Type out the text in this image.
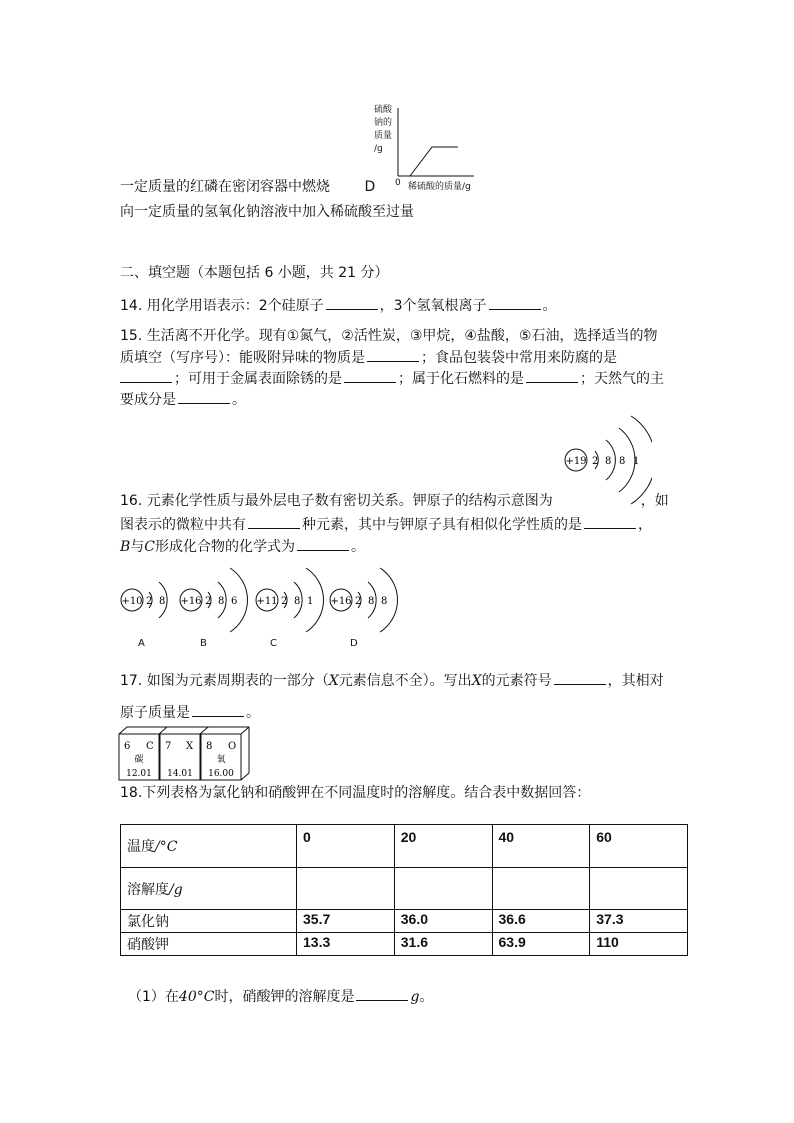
硫酸
钠的
质量
/g
0 稀硫酸的质量/g
一定质量的红磷在密闭容器中燃烧 D
向一定质量的氢氧化钠溶液中加入稀硫酸至过量
二、填空题（本题包括 6 小题，共 21 分）
14. 用化学用语表示：2个硅原子	，3个氢氧根离子	。
15. 生活离不开化学。现有①氮气，②活性炭，③甲烷，④盐酸，⑤石油，选择适当的物
质填空（写序号）：能吸附异味的物质是	；食品包装袋中常用来防腐的是
；可用于金属表面除锈的是	；属于化石燃料的是	；天然气的主
要成分是	。
+19 2 8 8 1
16. 元素化学性质与最外层电子数有密切关系。钾原子的结构示意图为	，如
图表示的微粒中共有	种元素，其中与钾原子具有相似化学性质的是	，
B与C形成化合物的化学式为	。
+10 2 8 +16 2 8 6 +11 2 8 1 +16 2 8 8
A	B	C	D
17. 如图为元素周期表的一部分（X元素信息不全）。写出X的元素符号	，其相对
原子质量是	。
6 C
碳
12.01
7 X
14.01
8 O
氧
16.00
18.下列表格为氯化钠和硝酸钾在不同温度时的溶解度。结合表中数据回答：
温度/°C	0	20	40	60
溶解度/g				
氯化钠	35.7	36.0	36.6	37.3
硝酸钾	13.3	31.6	63.9	110
（1）在40°C时，硝酸钾的溶解度是	g。
